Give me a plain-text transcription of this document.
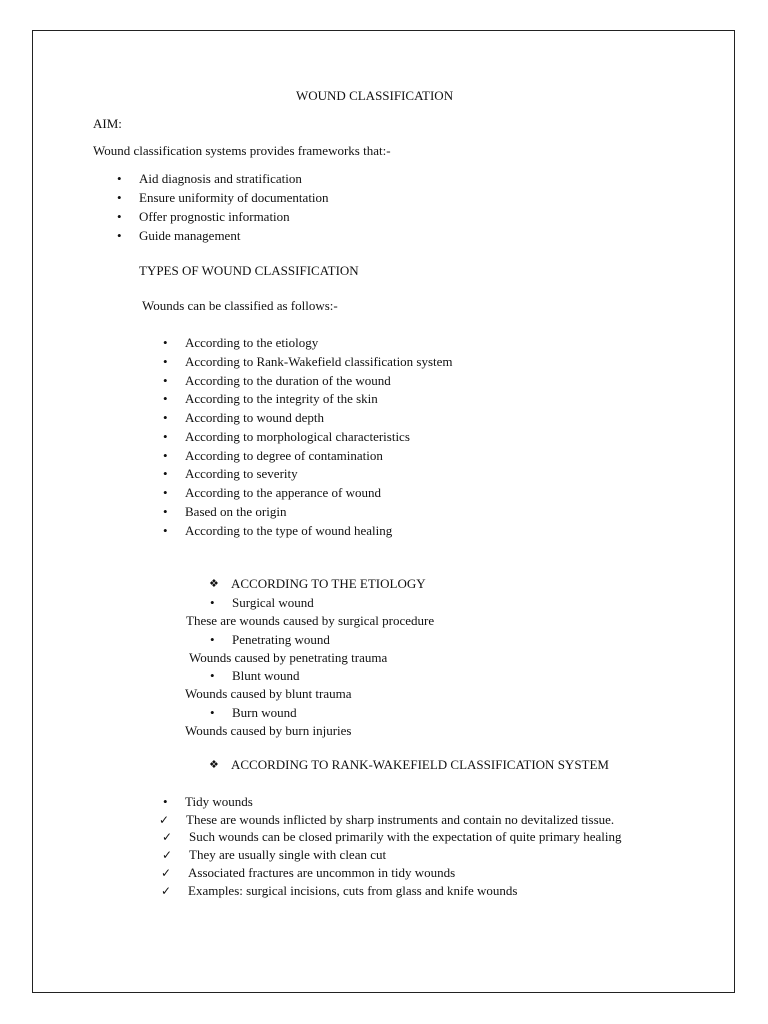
WOUND CLASSIFICATION
AIM:
Wound classification systems provides frameworks that:-
• Aid diagnosis and stratification
• Ensure uniformity of documentation
• Offer prognostic information
• Guide management
TYPES OF WOUND CLASSIFICATION
Wounds can be classified as follows:-
• According to the etiology
• According to Rank-Wakefield classification system
• According to the duration of the wound
• According to the integrity of the skin
• According to wound depth
• According to morphological characteristics
• According to degree of contamination
• According to severity
• According to the apperance of wound
• Based on the origin
• According to the type of wound healing
❖ ACCORDING TO THE ETIOLOGY
• Surgical wound
These are wounds caused by surgical procedure
• Penetrating wound
Wounds caused by penetrating trauma
• Blunt wound
Wounds caused by blunt trauma
• Burn wound
Wounds caused by burn injuries
❖ ACCORDING TO RANK-WAKEFIELD CLASSIFICATION SYSTEM
• Tidy wounds
✓ These are wounds inflicted by sharp instruments and contain no devitalized tissue.
✓ Such wounds can be closed primarily with the expectation of quite primary healing
✓ They are usually single with clean cut
✓ Associated fractures are uncommon in tidy wounds
✓ Examples: surgical incisions, cuts from glass and knife wounds
